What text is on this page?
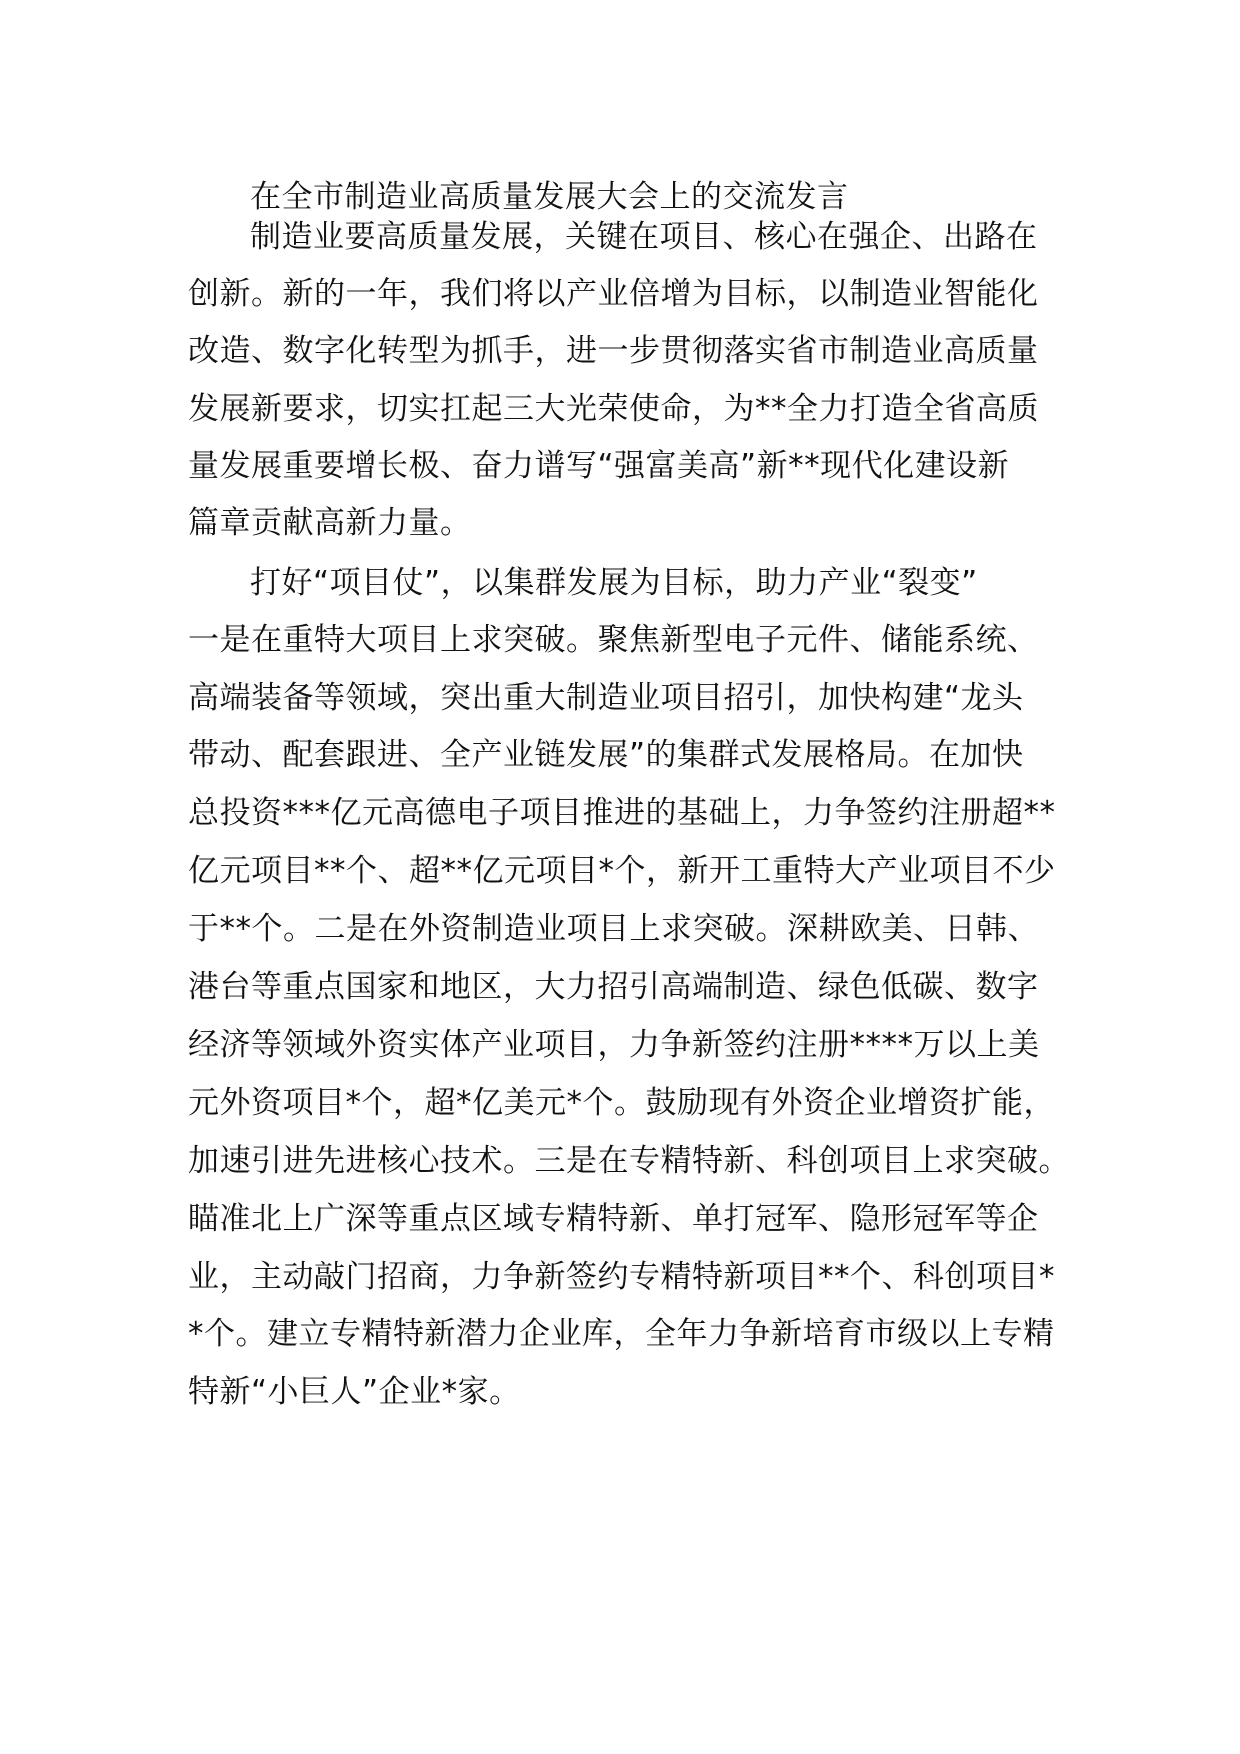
在全市制造业高质量发展大会上的交流发言
制造业要高质量发展，关键在项目、核心在强企、出路在
创新。新的一年，我们将以产业倍增为目标，以制造业智能化
改造、数字化转型为抓手，进一步贯彻落实省市制造业高质量
发展新要求，切实扛起三大光荣使命，为**全力打造全省高质
量发展重要增长极、奋力谱写“强富美高”新**现代化建设新
篇章贡献高新力量。
打好“项目仗”，以集群发展为目标，助力产业“裂变”
一是在重特大项目上求突破。聚焦新型电子元件、储能系统、
高端装备等领域，突出重大制造业项目招引，加快构建“龙头
带动、配套跟进、全产业链发展”的集群式发展格局。在加快
总投资***亿元高德电子项目推进的基础上，力争签约注册超**
亿元项目**个、超**亿元项目*个，新开工重特大产业项目不少
于**个。二是在外资制造业项目上求突破。深耕欧美、日韩、
港台等重点国家和地区，大力招引高端制造、绿色低碳、数字
经济等领域外资实体产业项目，力争新签约注册****万以上美
元外资项目*个，超*亿美元*个。鼓励现有外资企业增资扩能，
加速引进先进核心技术。三是在专精特新、科创项目上求突破。
瞄准北上广深等重点区域专精特新、单打冠军、隐形冠军等企
业，主动敲门招商，力争新签约专精特新项目**个、科创项目*
*个。建立专精特新潜力企业库，全年力争新培育市级以上专精
特新“小巨人”企业*家。
